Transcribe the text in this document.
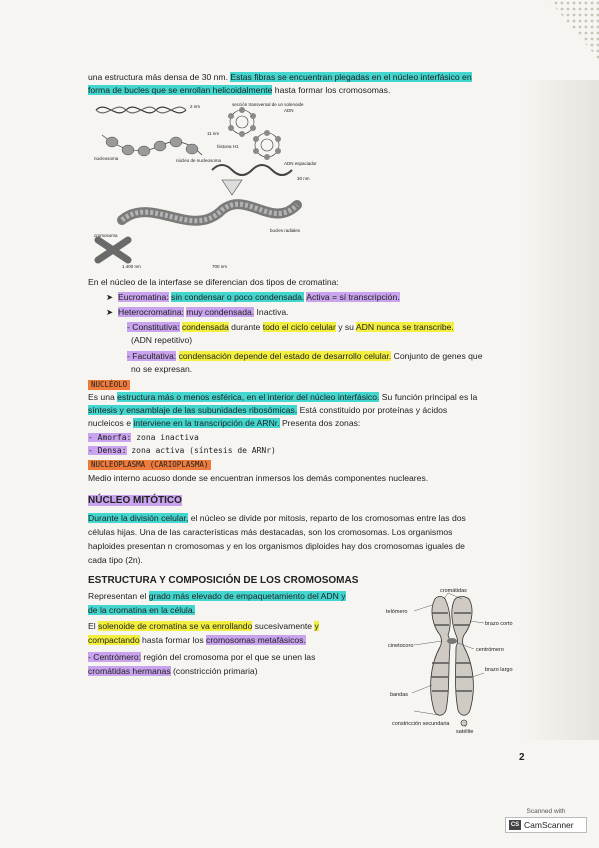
una estructura más densa de 30 nm. Estas fibras se encuentran plegadas en el núcleo interfásico en
forma de bucles que se enrollan helicoidalmente hasta formar los cromosomas.
sección transversal de un solenoide
ADN
nucleosoma	núcleo de nucleosoma
histona H1
ADN espaciador
bucles radiales
cromosoma
1.400 nm	700 nm
30 nm
11 nm
2 nm
En el núcleo de la interfase se diferencian dos tipos de cromatina:
➤  Eucromatina: sin condensar o poco condensada. Activa = sí transcripción.
➤  Heterocromatina: muy condensada. Inactiva.
- Constitutiva: condensada durante todo el ciclo celular y su ADN nunca se transcribe.
(ADN repetitivo)
- Facultativa: condensación depende del estado de desarrollo celular. Conjunto de genes que
no se expresan.
NUCLÉOLO
Es una estructura más o menos esférica, en el interior del núcleo interfásico. Su función principal es la
síntesis y ensamblaje de las subunidades ribosómicas. Está constituido por proteínas y ácidos
nucleicos e interviene en la transcripción de ARNr. Presenta dos zonas:
- Amorfa: zona inactiva
- Densa: zona activa (síntesis de ARNr)
NUCLEOPLASMA (CARIOPLASMA)
Medio interno acuoso donde se encuentran inmersos los demás componentes nucleares.
NÚCLEO MITÓTICO
Durante la división celular, el núcleo se divide por mitosis, reparto de los cromosomas entre las dos
células hijas. Una de las características más destacadas, son los cromosomas. Los organismos
haploides presentan n cromosomas y en los organismos diploides hay dos cromosomas iguales de
cada tipo (2n).
ESTRUCTURA Y COMPOSICIÓN DE LOS CROMOSOMAS
Representan el grado más elevado de empaquetamiento del ADN y
de la cromatina en la célula.
El solenoide de cromatina se va enrollando sucesivamente y
compactando hasta formar los cromosomas metafásicos.
- Centrómero: región del cromosoma por el que se unen las
cromátidas hermanas (constricción primaria)
cromátidas
telómero
brazo corto
cinetocoro
centrómero
brazo largo
bandas
satélite
constricción secundaria
2
Scanned with
CS CamScanner
